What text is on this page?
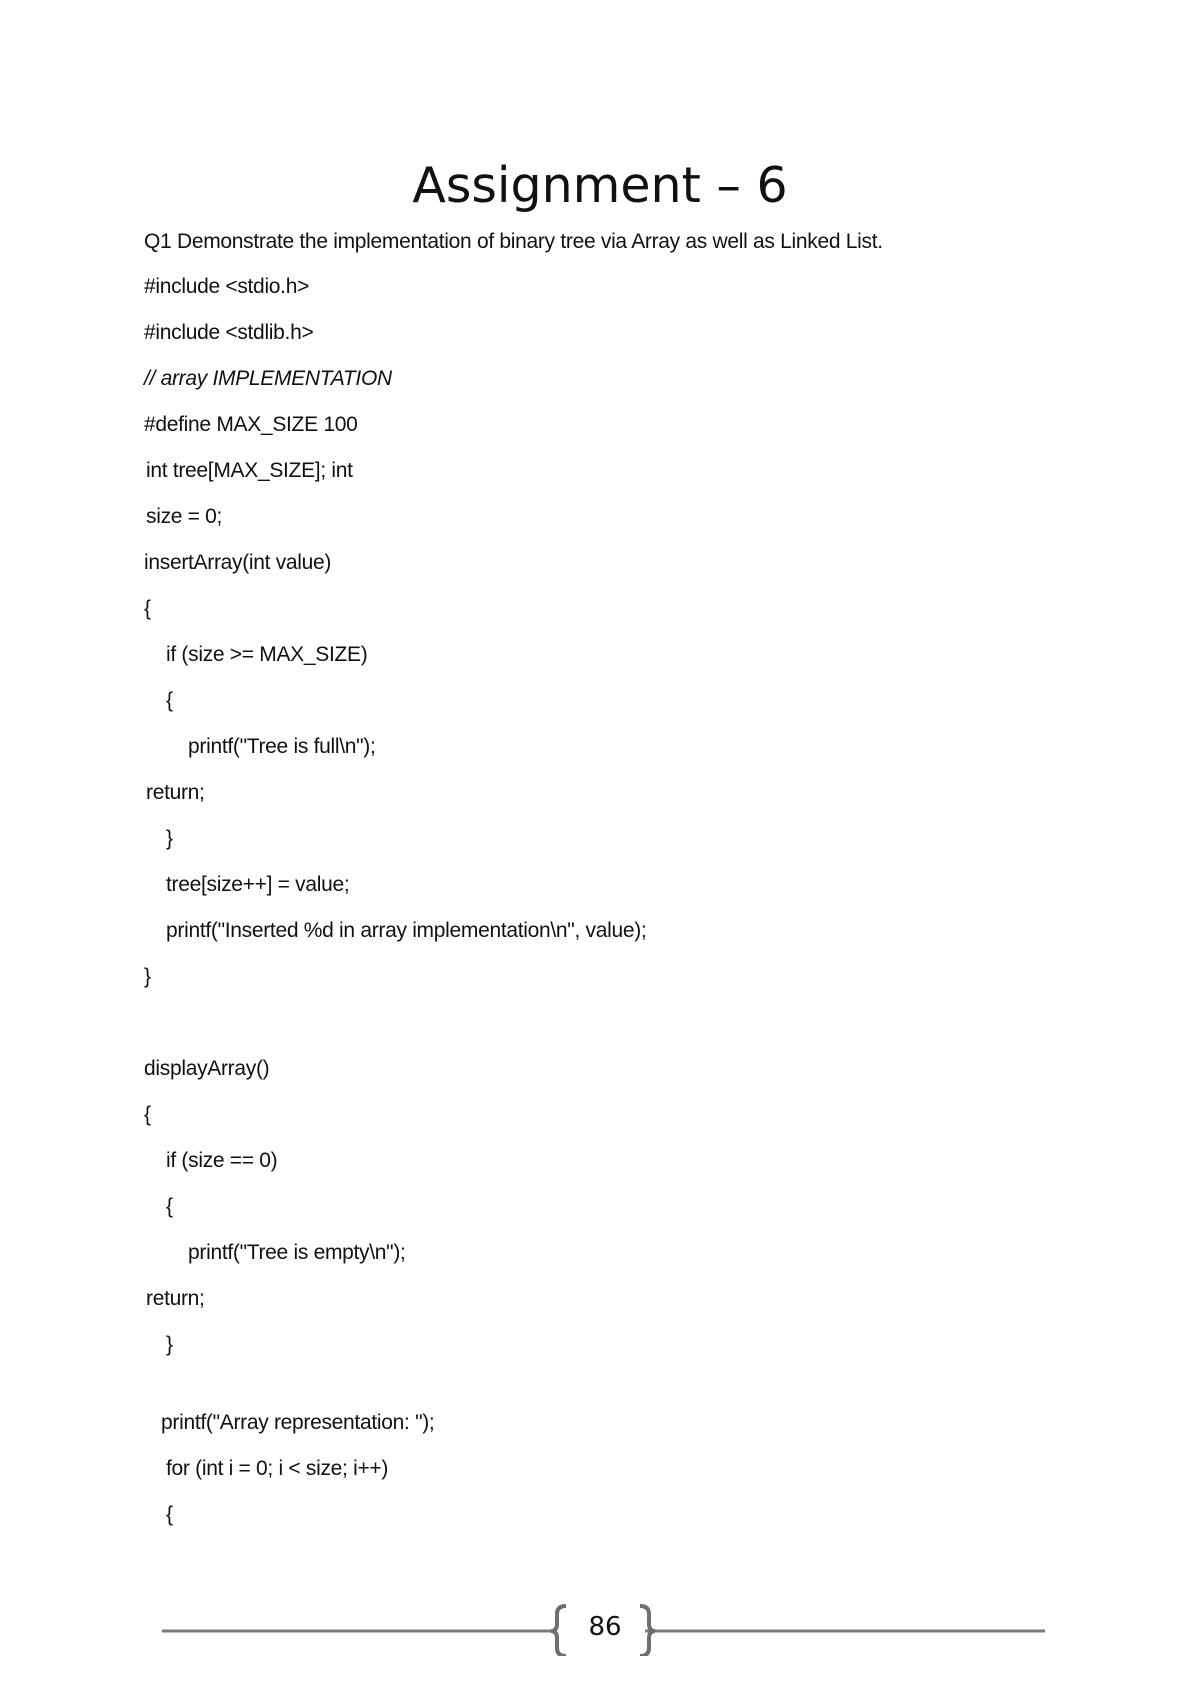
Assignment – 6
Q1 Demonstrate the implementation of binary tree via Array as well as Linked List.
#include <stdio.h>
#include <stdlib.h>
// array IMPLEMENTATION
#define MAX_SIZE 100
int tree[MAX_SIZE]; int
size = 0;
insertArray(int value)
{
if (size >= MAX_SIZE)
{
printf("Tree is full\n");
return;
}
tree[size++] = value;
printf("Inserted %d in array implementation\n", value);
}
displayArray()
{
if (size == 0)
{
printf("Tree is empty\n");
return;
}
printf("Array representation: ");
for (int i = 0; i < size; i++)
{
86
